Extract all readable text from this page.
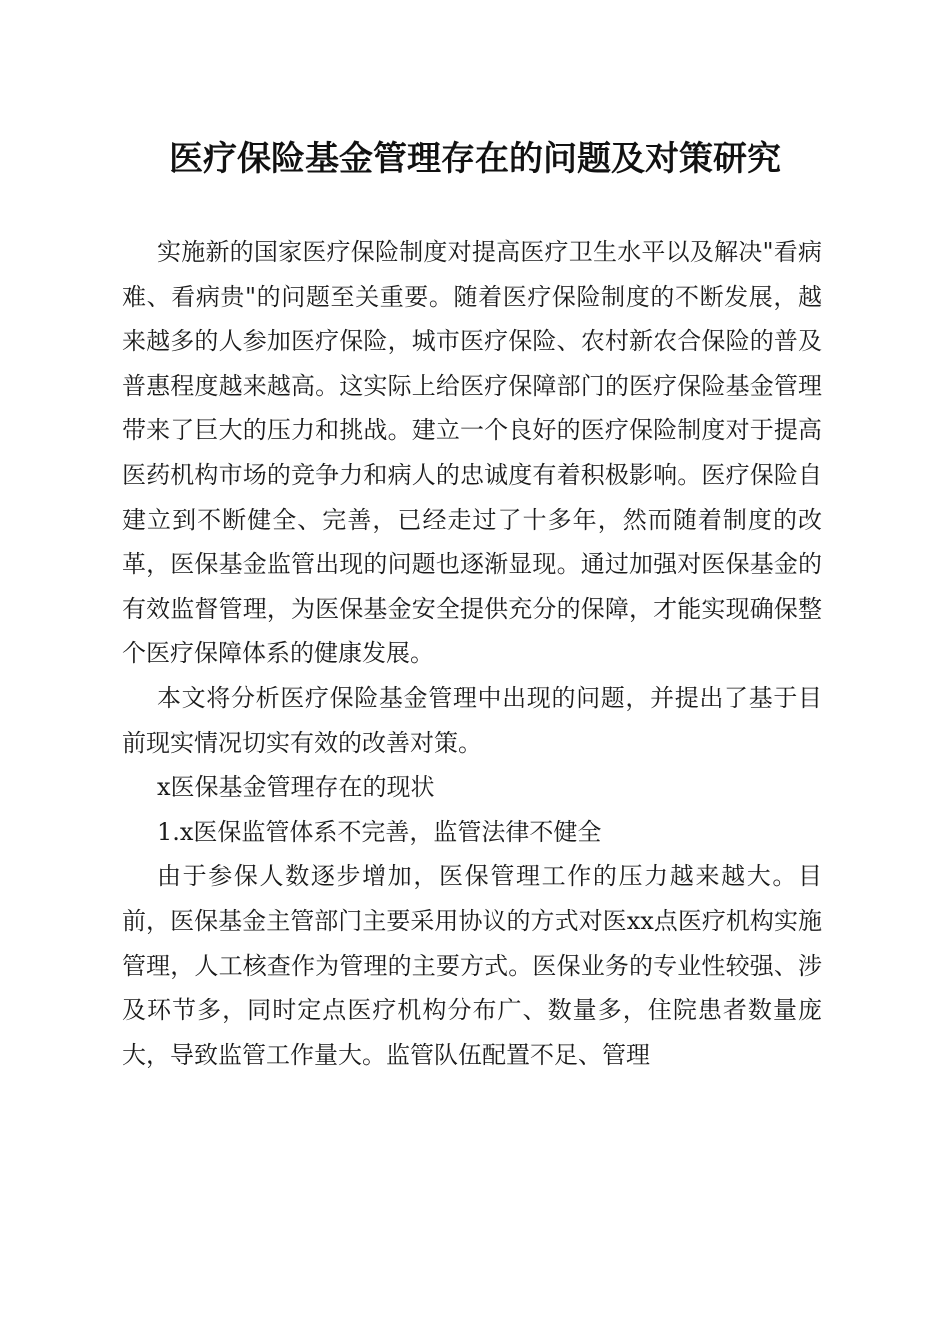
医疗保险基金管理存在的问题及对策研究

实施新的国家医疗保险制度对提高医疗卫生水平以及解决"看病难、看病贵"的问题至关重要。随着医疗保险制度的不断发展，越来越多的人参加医疗保险，城市医疗保险、农村新农合保险的普及普惠程度越来越高。这实际上给医疗保障部门的医疗保险基金管理带来了巨大的压力和挑战。建立一个良好的医疗保险制度对于提高医药机构市场的竞争力和病人的忠诚度有着积极影响。医疗保险自建立到不断健全、完善，已经走过了十多年，然而随着制度的改革，医保基金监管出现的问题也逐渐显现。通过加强对医保基金的有效监督管理，为医保基金安全提供充分的保障，才能实现确保整个医疗保障体系的健康发展。

本文将分析医疗保险基金管理中出现的问题，并提出了基于目前现实情况切实有效的改善对策。

x医保基金管理存在的现状

1.x医保监管体系不完善，监管法律不健全

由于参保人数逐步增加，医保管理工作的压力越来越大。目前，医保基金主管部门主要采用协议的方式对医xx点医疗机构实施管理，人工核查作为管理的主要方式。医保业务的专业性较强、涉及环节多，同时定点医疗机构分布广、数量多，住院患者数量庞大，导致监管工作量大。监管队伍配置不足、管理
